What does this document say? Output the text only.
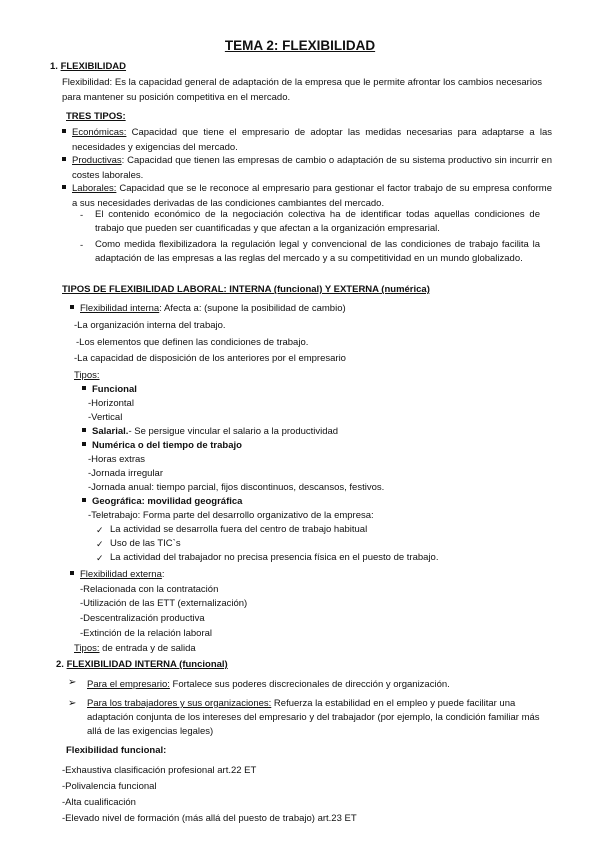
TEMA 2: FLEXIBILIDAD
1. FLEXIBILIDAD
Flexibilidad: Es la capacidad general de adaptación de la empresa que le permite afrontar los cambios necesarios para mantener su posición competitiva en el mercado.
TRES TIPOS:
Económicas: Capacidad que tiene el empresario de adoptar las medidas necesarias para adaptarse a las necesidades y exigencias del mercado.
Productivas: Capacidad que tienen las empresas de cambio o adaptación de su sistema productivo sin incurrir en costes laborales.
Laborales: Capacidad que se le reconoce al empresario para gestionar el factor trabajo de su empresa conforme a sus necesidades derivadas de las condiciones cambiantes del mercado.
- El contenido económico de la negociación colectiva ha de identificar todas aquellas condiciones de trabajo que pueden ser cuantificadas y que afectan a la organización empresarial.
- Como medida flexibilizadora la regulación legal y convencional de las condiciones de trabajo facilita la adaptación de las empresas a las reglas del mercado y a su competitividad en un mundo globalizado.
TIPOS DE FLEXIBILIDAD LABORAL: INTERNA (funcional) Y EXTERNA (numérica)
Flexibilidad interna: Afecta a: (supone la posibilidad de cambio)
-La organización interna del trabajo.
-Los elementos que definen las condiciones de trabajo.
-La capacidad de disposición de los anteriores por el empresario
Tipos:
Funcional
-Horizontal
-Vertical
Salarial.- Se persigue vincular el salario a la productividad
Numérica o del tiempo de trabajo
-Horas extras
-Jornada irregular
-Jornada anual: tiempo parcial, fijos discontinuos, descansos, festivos.
Geográfica: movilidad geográfica
-Teletrabajo: Forma parte del desarrollo organizativo de la empresa:
✓ La actividad se desarrolla fuera del centro de trabajo habitual
✓ Uso de las TIC`s
✓ La actividad del trabajador no precisa presencia física en el puesto de trabajo.
Flexibilidad externa:
-Relacionada con la contratación
-Utilización de las ETT (externalización)
-Descentralización productiva
-Extinción de la relación laboral
Tipos: de entrada y de salida
2. FLEXIBILIDAD INTERNA (funcional)
➢ Para el empresario: Fortalece sus poderes discrecionales de dirección y organización.
➢ Para los trabajadores y sus organizaciones: Refuerza la estabilidad en el empleo y puede facilitar una adaptación conjunta de los intereses del empresario y del trabajador (por ejemplo, la condición familiar más allá de las exigencias legales)
Flexibilidad funcional:
-Exhaustiva clasificación profesional art.22 ET
-Polivalencia funcional
-Alta cualificación
-Elevado nivel de formación (más allá del puesto de trabajo) art.23 ET
